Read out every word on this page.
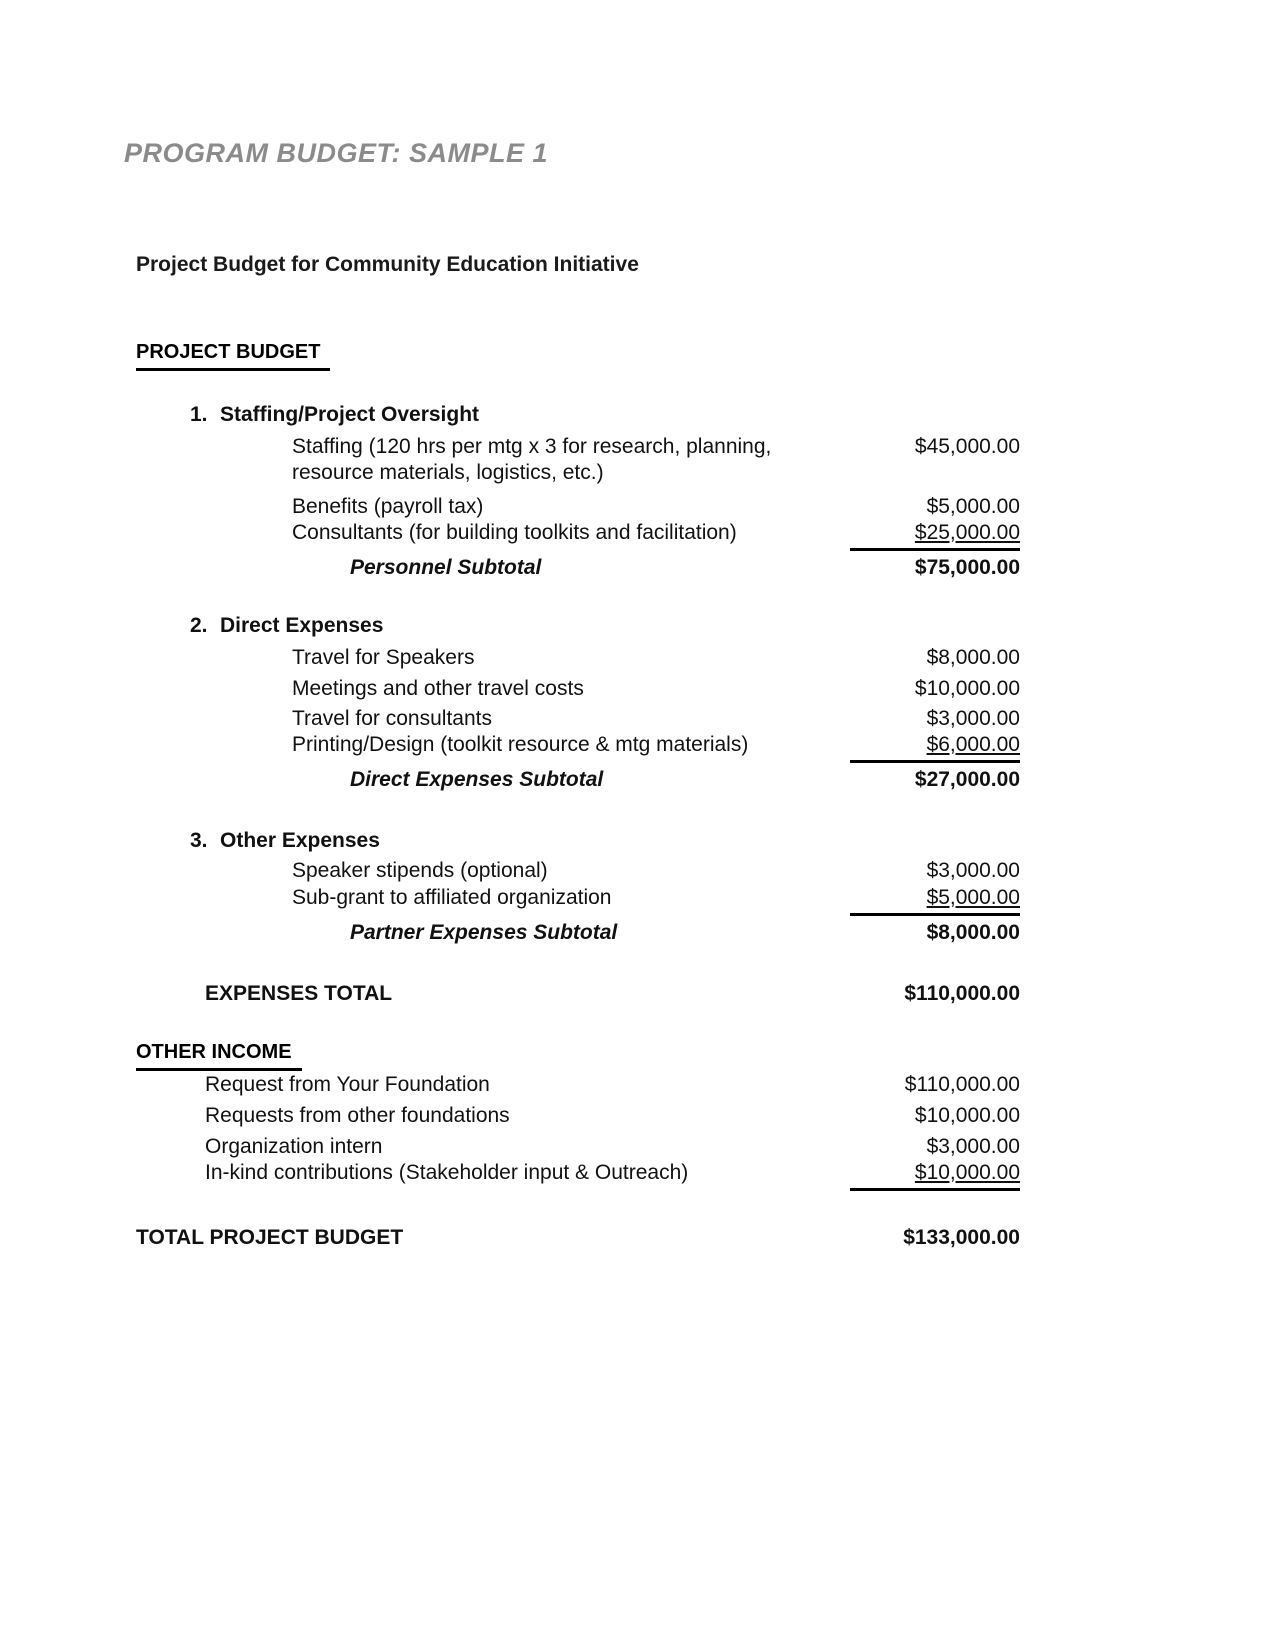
PROGRAM BUDGET: SAMPLE 1
Project Budget for Community Education Initiative
PROJECT BUDGET
1. Staffing/Project Oversight
Staffing (120 hrs per mtg x 3 for research, planning,
resource materials, logistics, etc.)
$45,000.00
Benefits (payroll tax)	$5,000.00
Consultants (for building toolkits and facilitation)	$25,000.00
Personnel Subtotal	$75,000.00
2. Direct Expenses
Travel for Speakers	$8,000.00
Meetings and other travel costs	$10,000.00
Travel for consultants	$3,000.00
Printing/Design (toolkit resource & mtg materials)	$6,000.00
Direct Expenses Subtotal	$27,000.00
3. Other Expenses
Speaker stipends (optional)	$3,000.00
Sub-grant to affiliated organization	$5,000.00
Partner Expenses Subtotal	$8,000.00
EXPENSES TOTAL	$110,000.00
OTHER INCOME
Request from Your Foundation	$110,000.00
Requests from other foundations	$10,000.00
Organization intern	$3,000.00
In-kind contributions (Stakeholder input & Outreach)	$10,000.00
TOTAL PROJECT BUDGET	$133,000.00
